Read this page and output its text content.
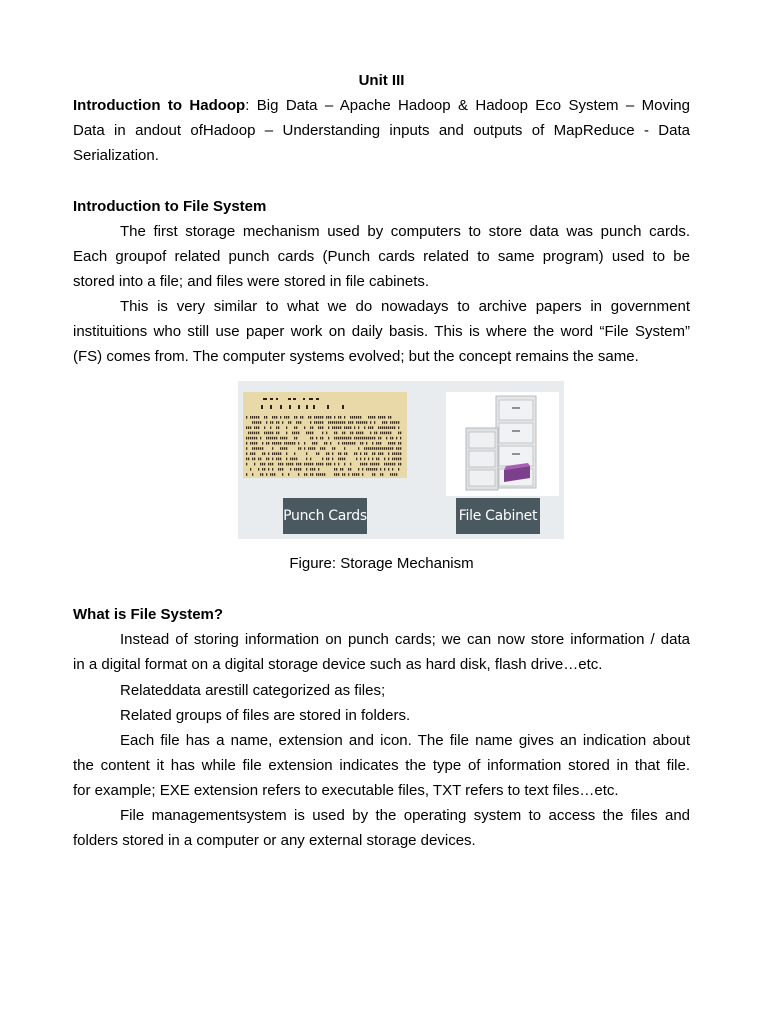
Unit III
Introduction to Hadoop: Big Data – Apache Hadoop & Hadoop Eco System – Moving
Data in andout ofHadoop – Understanding inputs and outputs of MapReduce - Data
Serialization.
Introduction to File System
The first storage mechanism used by computers to store data was punch cards.
Each groupof related punch cards (Punch cards related to same program) used to be
stored into a file; and files were stored in file cabinets.
This is very similar to what we do nowadays to archive papers in government
instituitions who still use paper work on daily basis. This is where the word “File System”
(FS) comes from. The computer systems evolved; but the concept remains the same.
Punch Cards	File Cabinet
Figure: Storage Mechanism
What is File System?
Instead of storing information on punch cards; we can now store information / data
in a digital format on a digital storage device such as hard disk, flash drive…etc.
Relateddata arestill categorized as files;
Related groups of files are stored in folders.
Each file has a name, extension and icon. The file name gives an indication about
the content it has while file extension indicates the type of information stored in that file.
for example; EXE extension refers to executable files, TXT refers to text files…etc.
File managementsystem is used by the operating system to access the files and
folders stored in a computer or any external storage devices.
